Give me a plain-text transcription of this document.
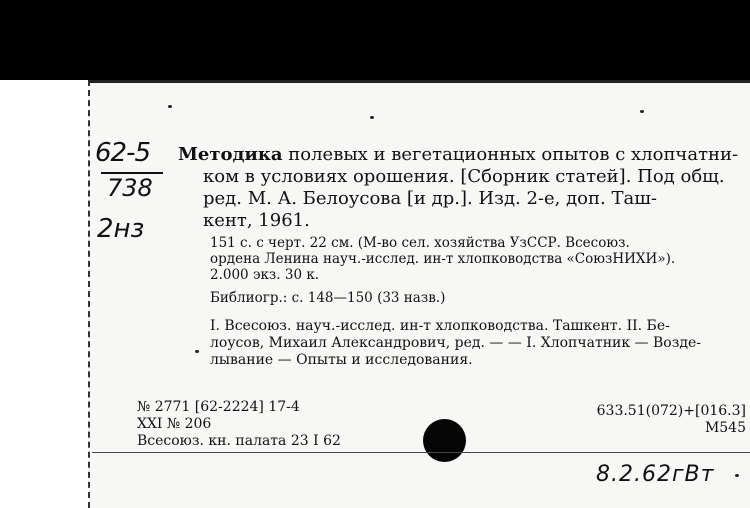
62-5
738
2нз
Методика полевых и вегетационных опытов с хлопчатни-
ком в условиях орошения. [Сборник статей]. Под общ.
ред. М. А. Белоусова [и др.]. Изд. 2-е, доп. Таш-
кент, 1961.
151 с. с черт. 22 см. (М-во сел. хозяйства УзССР. Всесоюз.
ордена Ленина науч.-исслед. ин-т хлопководства «СоюзНИХИ»).
2.000 экз. 30 к.
Библиогр.: с. 148—150 (33 назв.)
I. Всесоюз. науч.-исслед. ин-т хлопководства. Ташкент. II. Бе-
лоусов, Михаил Александрович, ред. — — I. Хлопчатник — Возде-
лывание — Опыты и исследования.
№ 2771 [62-2224] 17-4
XXI № 206
Всесоюз. кн. палата 23 I 62
633.51(072)+[016.3]
М545
8.2.62гВт
